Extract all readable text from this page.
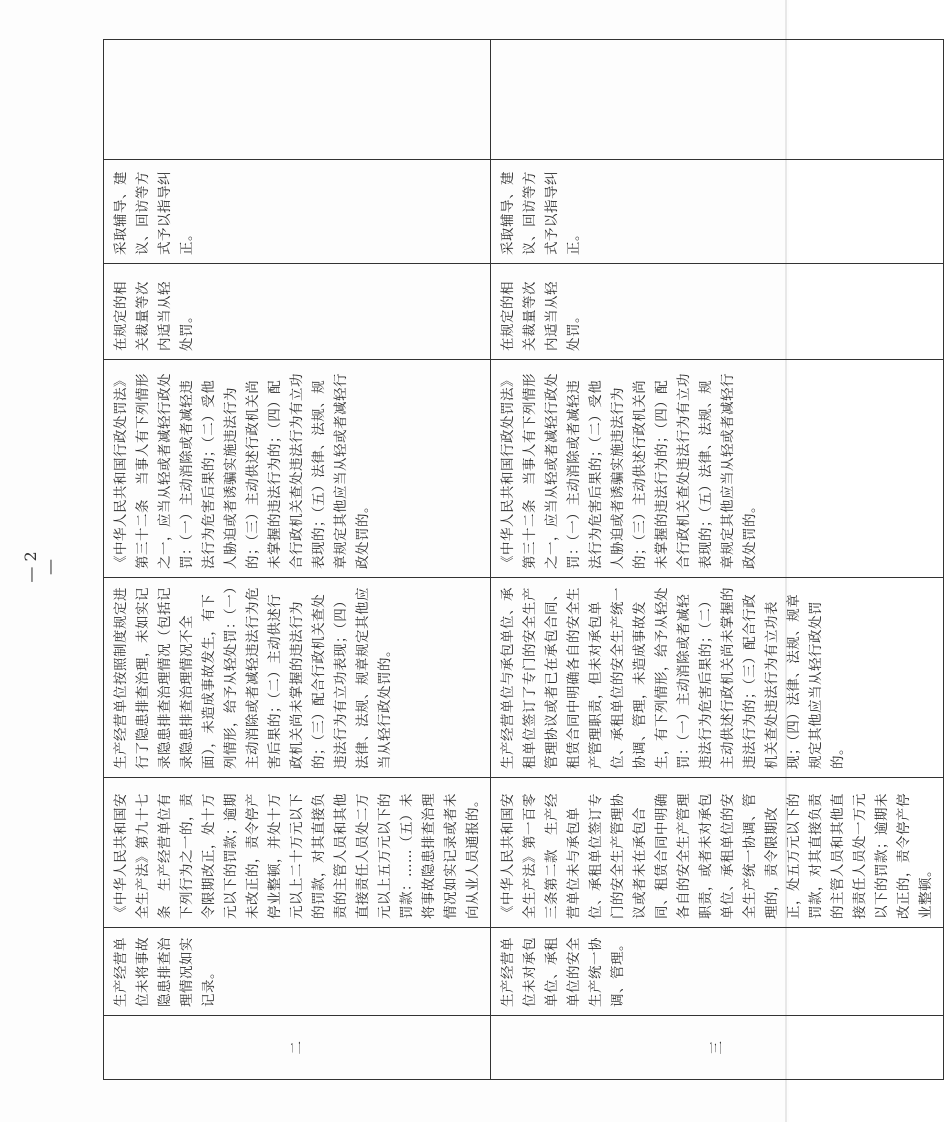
二	生产经营单位未将事故隐患排查治理情况如实记录。	《中华人民共和国安全生产法》第九十七条　生产经营单位有下列行为之一的，责令限期改正，处十万元以下的罚款；逾期未改正的，责令停产停业整顿，并处十万元以上二十万元以下的罚款，对其直接负责的主管人员和其他直接责任人员处二万元以上五万元以下的罚款：……（五）未将事故隐患排查治理情况如实记录或者未向从业人员通报的。	生产经营单位按照制度规定进行了隐患排查治理，未如实记录隐患排查治理情况（包括记录隐患排查治理情况不全面），未造成事故发生，有下列情形，给予从轻处罚：（一）主动消除或者减轻违法行为危害后果的；（二）主动供述行政机关尚未掌握的违法行为的；（三）配合行政机关查处违法行为有立功表现；（四）法律、法规、规章规定其他应当从轻行政处罚的。	《中华人民共和国行政处罚法》第三十二条　当事人有下列情形之一，应当从轻或者减轻行政处罚：（一）主动消除或者减轻违法行为危害后果的；（二）受他人胁迫或者诱骗实施违法行为的；（三）主动供述行政机关尚未掌握的违法行为的；（四）配合行政机关查处违法行为有立功表现的；（五）法律、法规、规章规定其他应当从轻或者减轻行政处罚的。	在规定的相关裁量等次内适当从轻处罚。	采取辅导、建议、回访等方式予以指导纠正。	
三	生产经营单位未对承包单位、承租单位的安全生产统一协调、管理。	《中华人民共和国安全生产法》第一百零三条第二款　生产经营单位未与承包单位、承租单位签订专门的安全生产管理协议或者未在承包合同、租赁合同中明确各自的安全生产管理职责，或者未对承包单位、承租单位的安全生产统一协调、管理的，责令限期改正，处五万元以下的罚款，对其直接负责的主管人员和其他直接责任人员处一万元以下的罚款；逾期未改正的，责令停产停业整顿。	生产经营单位与承包单位、承租单位签订了专门的安全生产管理协议或者已在承包合同、租赁合同中明确各自的安全生产管理职责，但未对承包单位、承租单位的安全生产统一协调、管理，未造成事故发生，有下列情形，给予从轻处罚：（一）主动消除或者减轻违法行为危害后果的；（二）主动供述行政机关尚未掌握的违法行为的；（三）配合行政机关查处违法行为有立功表现；（四）法律、法规、规章规定其他应当从轻行政处罚的。	《中华人民共和国行政处罚法》第三十二条　当事人有下列情形之一，应当从轻或者减轻行政处罚：（一）主动消除或者减轻违法行为危害后果的；（二）受他人胁迫或者诱骗实施违法行为的；（三）主动供述行政机关尚未掌握的违法行为的；（四）配合行政机关查处违法行为有立功表现的；（五）法律、法规、规章规定其他应当从轻或者减轻行政处罚的。	在规定的相关裁量等次内适当从轻处罚。	采取辅导、建议、回访等方式予以指导纠正。	
— 2 —
